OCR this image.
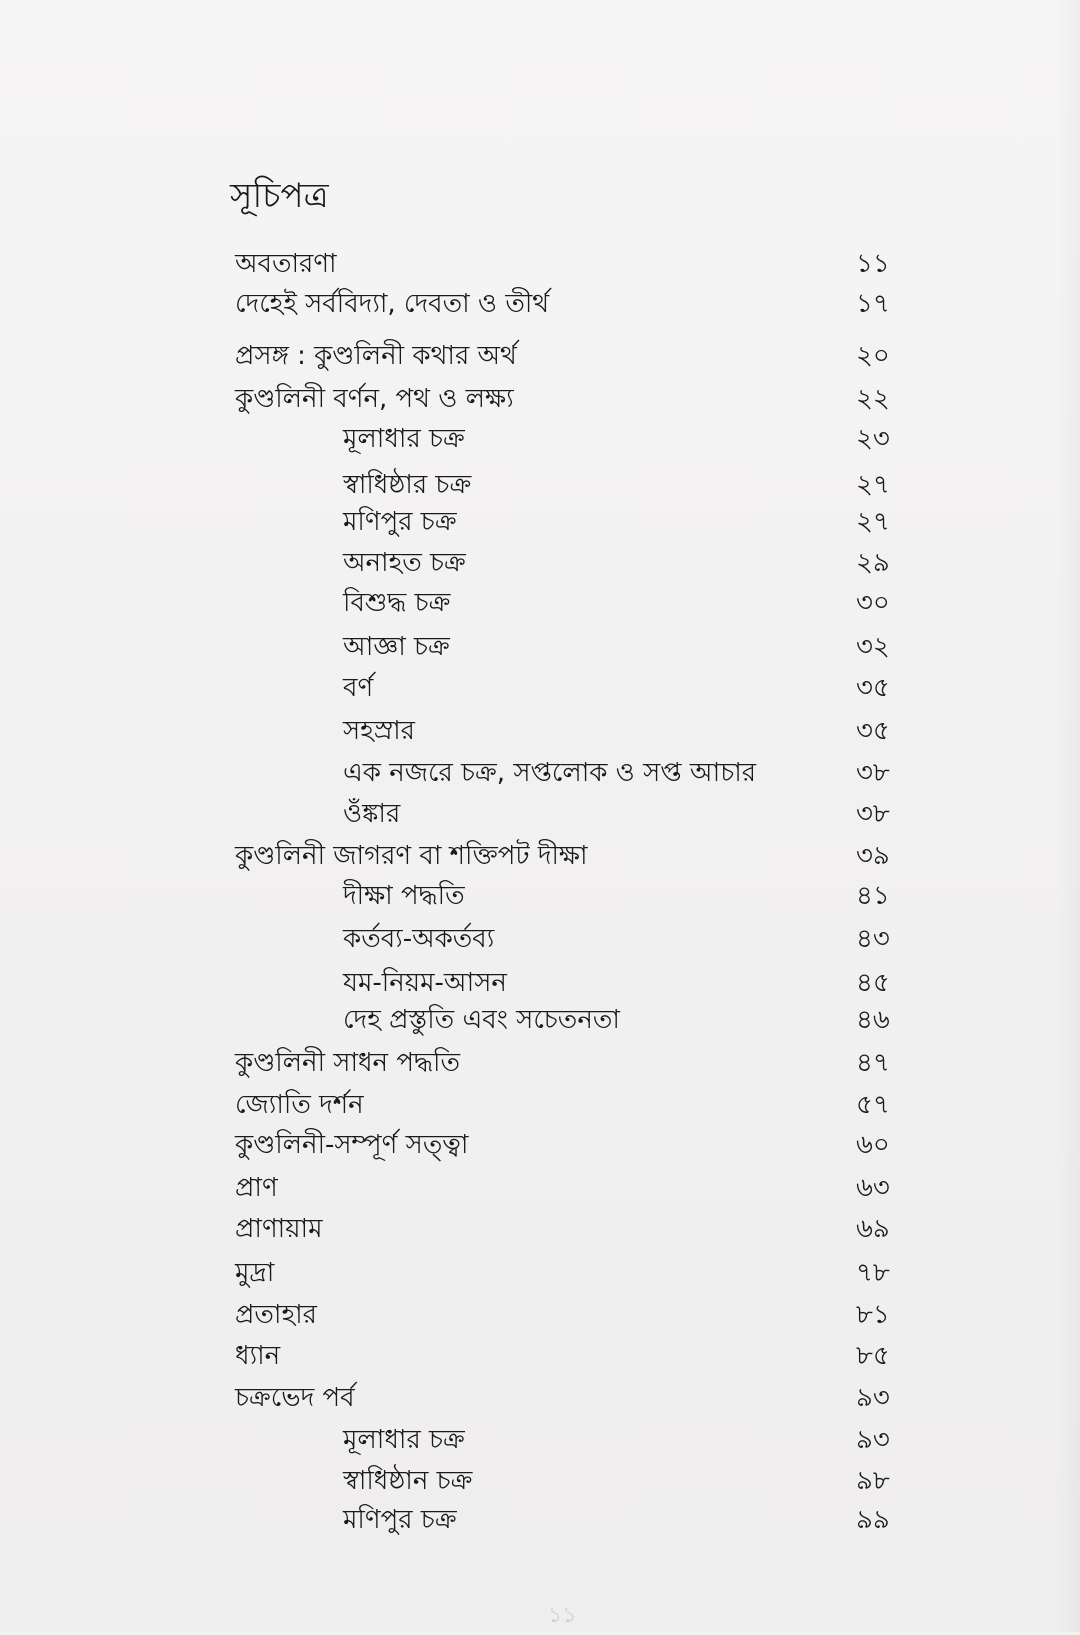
সূচিপত্র
অবতারণা	১১
দেহেই সর্ববিদ্যা, দেবতা ও তীর্থ	১৭
প্রসঙ্গ : কুণ্ডলিনী কথার অর্থ	২০
কুণ্ডলিনী বর্ণন, পথ ও লক্ষ্য	২২
মূলাধার চক্র	২৩
স্বাধিষ্ঠার চক্র	২৭
মণিপুর চক্র	২৭
অনাহত চক্র	২৯
বিশুদ্ধ চক্র	৩০
আজ্ঞা চক্র	৩২
বর্ণ	৩৫
সহস্রার	৩৫
এক নজরে চক্র, সপ্তলোক ও সপ্ত আচার	৩৮
ওঁঙ্কার	৩৮
কুণ্ডলিনী জাগরণ বা শক্তিপট দীক্ষা	৩৯
দীক্ষা পদ্ধতি	৪১
কর্তব্য-অকর্তব্য	৪৩
যম-নিয়ম-আসন	৪৫
দেহ প্রস্তুতি এবং সচেতনতা	৪৬
কুণ্ডলিনী সাধন পদ্ধতি	৪৭
জ্যোতি দর্শন	৫৭
কুণ্ডলিনী-সম্পূর্ণ সত্ত্বা	৬০
প্রাণ	৬৩
প্রাণায়াম	৬৯
মুদ্রা	৭৮
প্রতাহার	৮১
ধ্যান	৮৫
চক্রভেদ পর্ব	৯৩
মূলাধার চক্র	৯৩
স্বাধিষ্ঠান চক্র	৯৮
মণিপুর চক্র	৯৯
১১
